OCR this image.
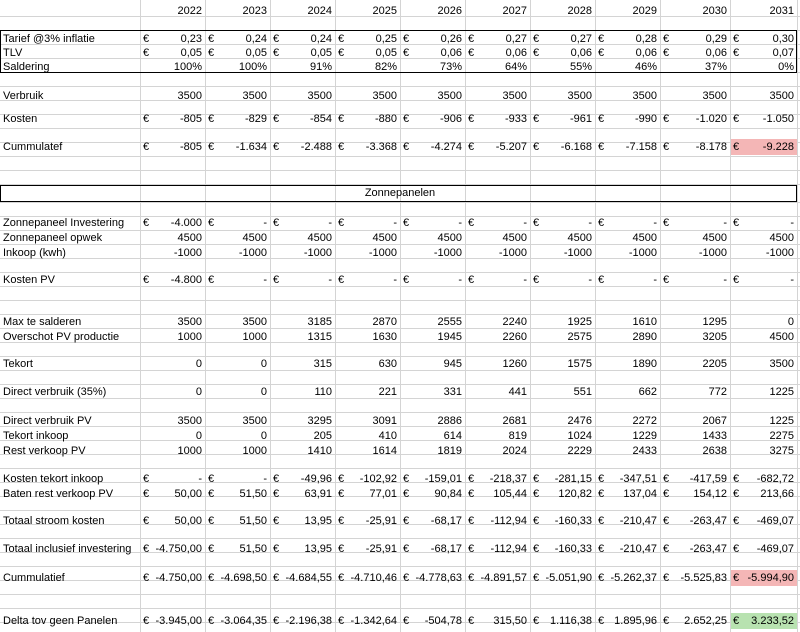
2022	2023	2024	2025	2026	2027	2028	2029	2030	2031
Zonnepanelen
Tarief @3% inflatie	€	0,23 €	0,24 €	0,24 €	0,25 €	0,26 €	0,27 €	0,27 €	0,28 €	0,29 €	0,30
TLV	€	0,05 €	0,05 €	0,05 €	0,05 €	0,06 €	0,06 €	0,06 €	0,06 €	0,06 €	0,07
Saldering	100%	100%	91%	82%	73%	64%	55%	46%	37%	0%
Verbruik	3500	3500	3500	3500	3500	3500	3500	3500	3500	3500
Kosten	€	-805 €	-829 €	-854 €	-880 €	-906 €	-933 €	-961 €	-990 €	-1.020 €	-1.050
Cummulatef	€	-805 €	-1.634 €	-2.488 €	-3.368 €	-4.274 €	-5.207 €	-6.168 €	-7.158 €	-8.178 €	-9.228
Zonnepaneel Investering	€	-4.000 €	- €	- €	- €	- €	- €	- €	- €	- €	-
Zonnepaneel opwek	4500	4500	4500	4500	4500	4500	4500	4500	4500	4500
Inkoop (kwh)	-1000	-1000	-1000	-1000	-1000	-1000	-1000	-1000	-1000	-1000
Kosten PV	€	-4.800 €	- €	- €	- €	- €	- €	- €	- €	- €	-
Max te salderen	3500	3500	3185	2870	2555	2240	1925	1610	1295	0
Overschot PV productie	1000	1000	1315	1630	1945	2260	2575	2890	3205	4500
Tekort	0	0	315	630	945	1260	1575	1890	2205	3500
Direct verbruik (35%)	0	0	110	221	331	441	551	662	772	1225
Direct verbruik PV	3500	3500	3295	3091	2886	2681	2476	2272	2067	1225
Tekort inkoop	0	0	205	410	614	819	1024	1229	1433	2275
Rest verkoop PV	1000	1000	1410	1614	1819	2024	2229	2433	2638	3275
Kosten tekort inkoop	€	- €	- €	-49,96 €	-102,92 €	-159,01 €	-218,37 €	-281,15 €	-347,51 €	-417,59 €	-682,72
Baten rest verkoop PV	€	50,00 €	51,50 €	63,91 €	77,01 €	90,84 €	105,44 €	120,82 €	137,04 €	154,12 €	213,66
Totaal stroom kosten	€	50,00 €	51,50 €	13,95 €	-25,91 €	-68,17 €	-112,94 €	-160,33 €	-210,47 €	-263,47 €	-469,07
Totaal inclusief investering	€ -4.750,00 €	51,50 €	13,95 €	-25,91 €	-68,17 €	-112,94 €	-160,33 €	-210,47 €	-263,47 €	-469,07
Cummulatief	€ -4.750,00 € -4.698,50 € -4.684,55 € -4.710,46 € -4.778,63 € -4.891,57 € -5.051,90 € -5.262,37 €	-5.525,83 € -5.994,90
Delta tov geen Panelen	€ -3.945,00 € -3.064,35 € -2.196,38 € -1.342,64 €	-504,78 €	315,50 € 1.116,38 € 1.895,96 €	2.652,25 €	3.233,52
